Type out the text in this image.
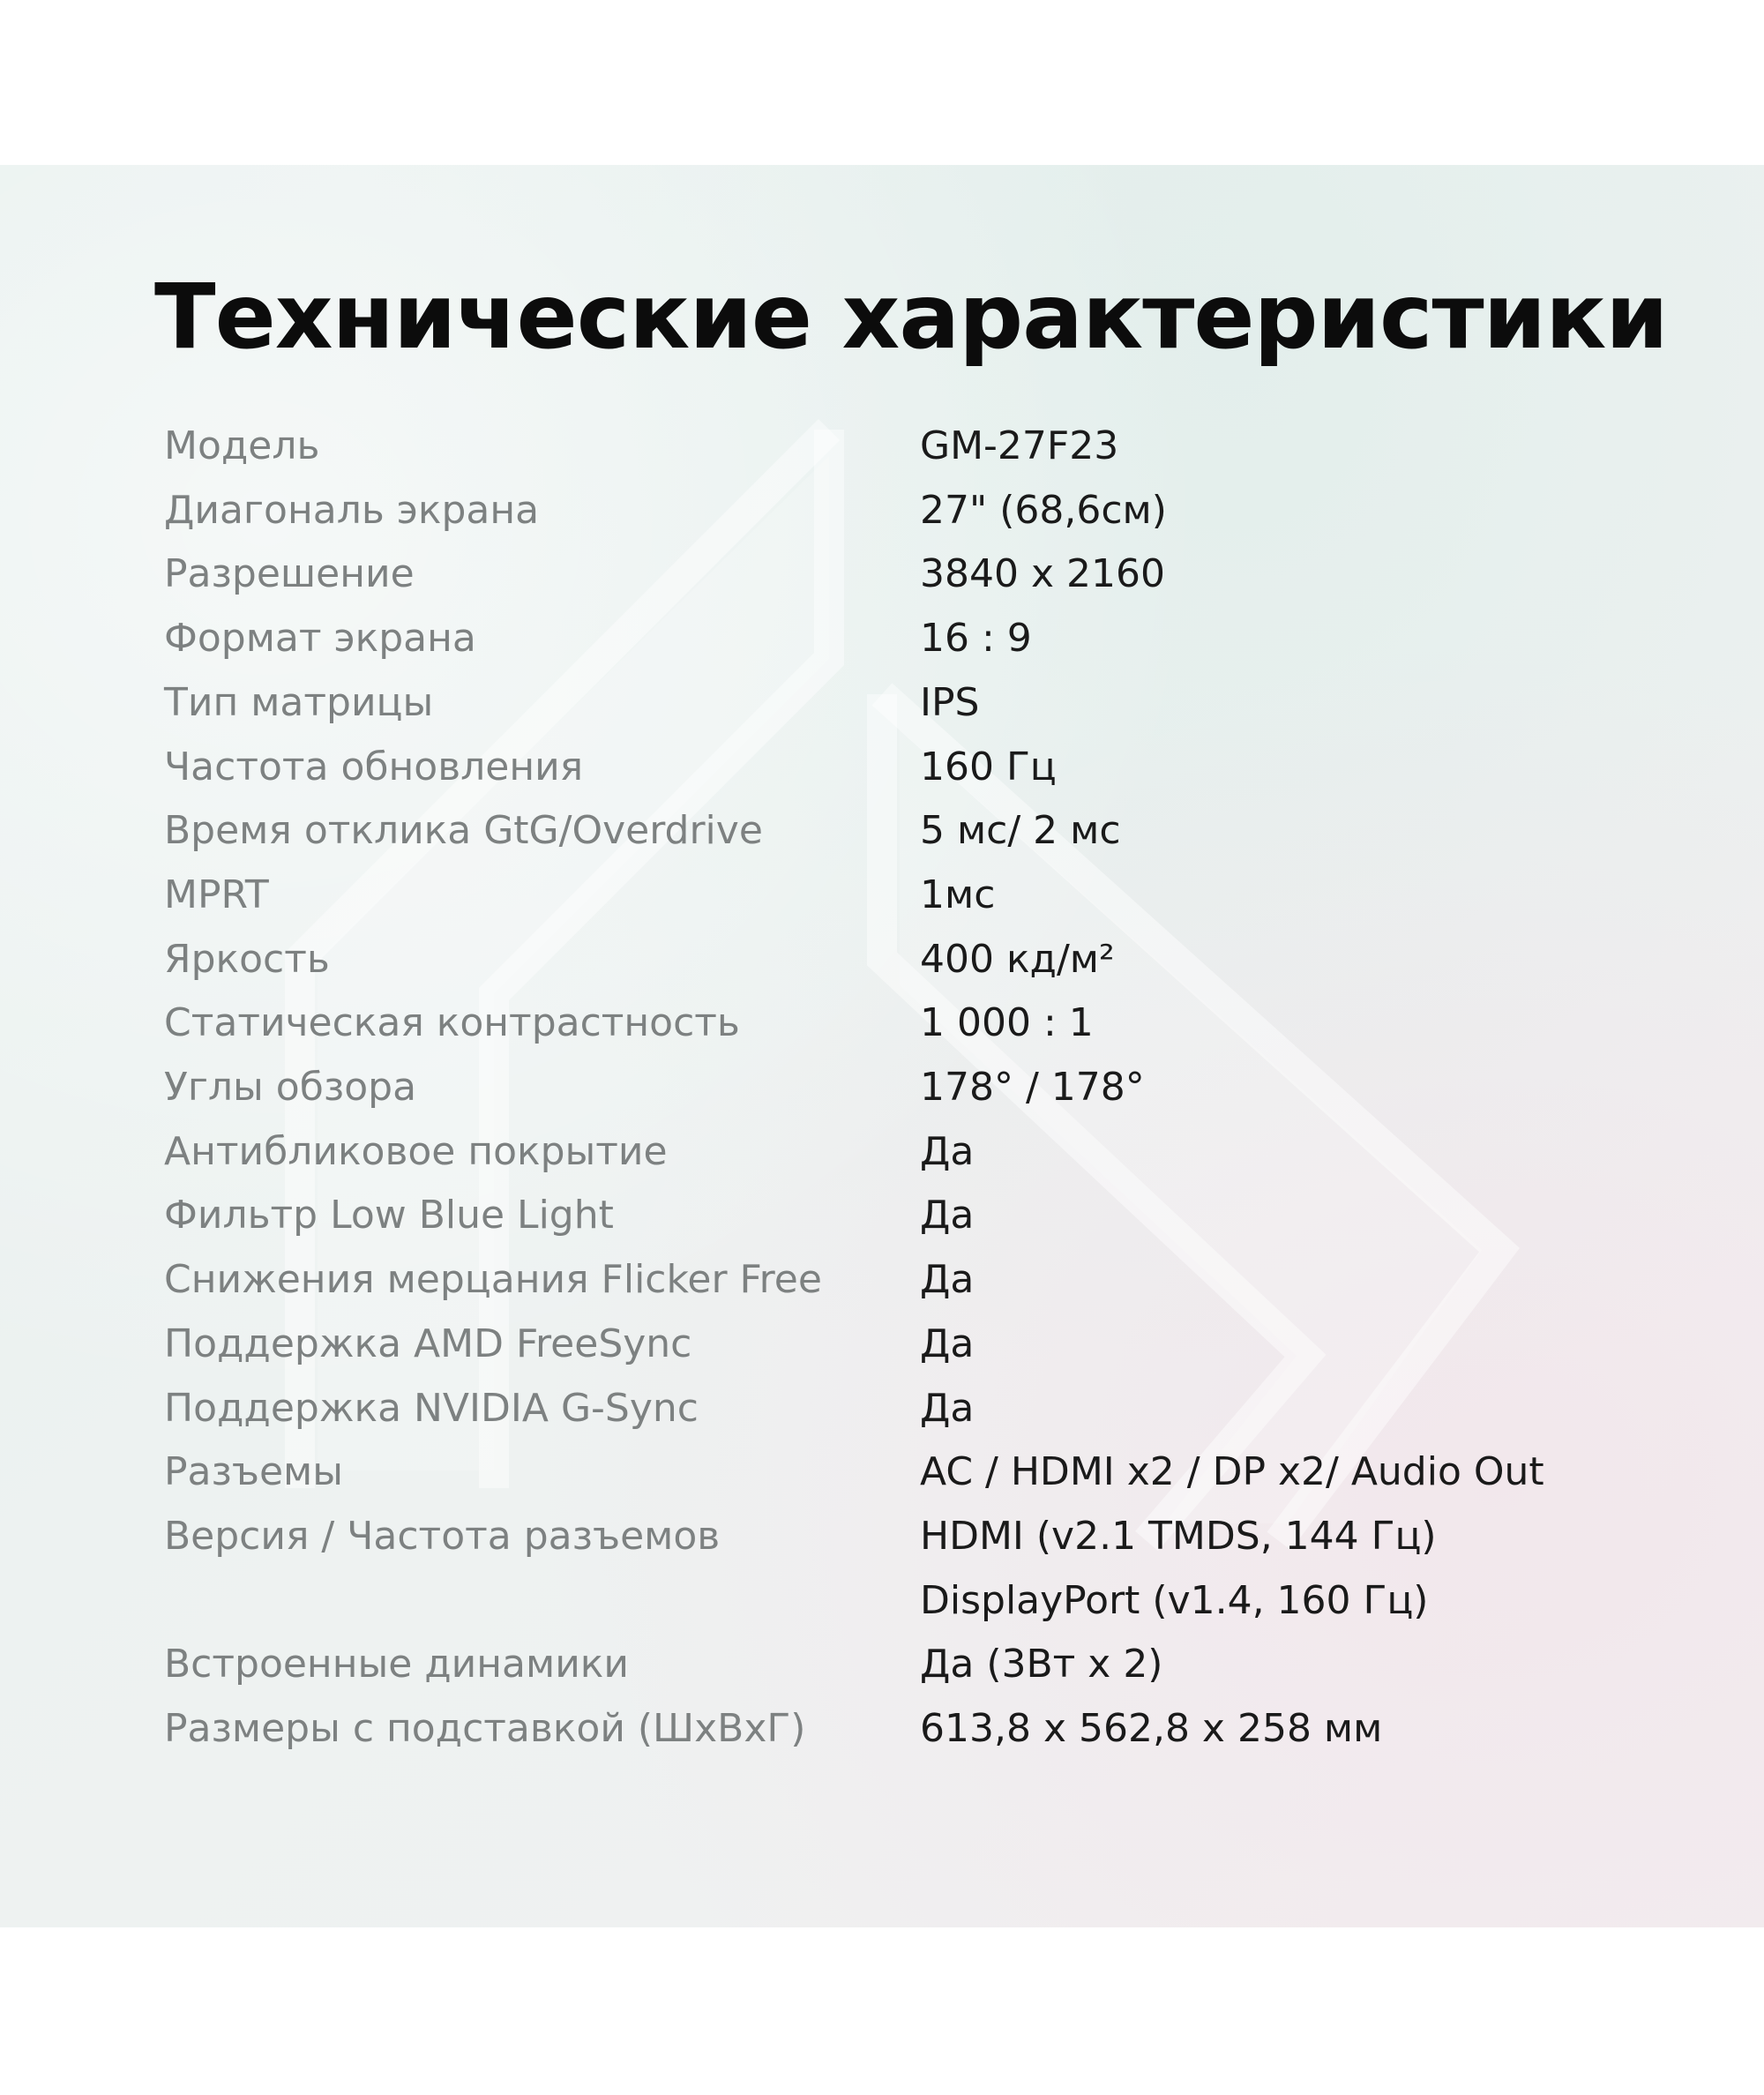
Технические характеристики
Модель	GM-27F23
Диагональ экрана	27" (68,6см)
Разрешение	3840 x 2160
Формат экрана	16 : 9
Тип матрицы	IPS
Частота обновления	160 Гц
Время отклика GtG/Overdrive	5 мс/ 2 мс
MPRT	1мс
Яркость	400 кд/м²
Статическая контрастность	1 000 : 1
Углы обзора	178° / 178°
Антибликовое покрытие	Да
Фильтр Low Blue Light	Да
Снижения мерцания Flicker Free	Да
Поддержка AMD FreeSync	Да
Поддержка NVIDIA G-Sync	Да
Разъемы	AC / HDMI x2 / DP x2/ Audio Out
Версия / Частота разъемов	HDMI (v2.1 TMDS, 144 Гц)
DisplayPort (v1.4, 160 Гц)
Встроенные динамики	Да (3Вт x 2)
Размеры с подставкой (ШxВxГ)	613,8 x 562,8 x 258 мм
